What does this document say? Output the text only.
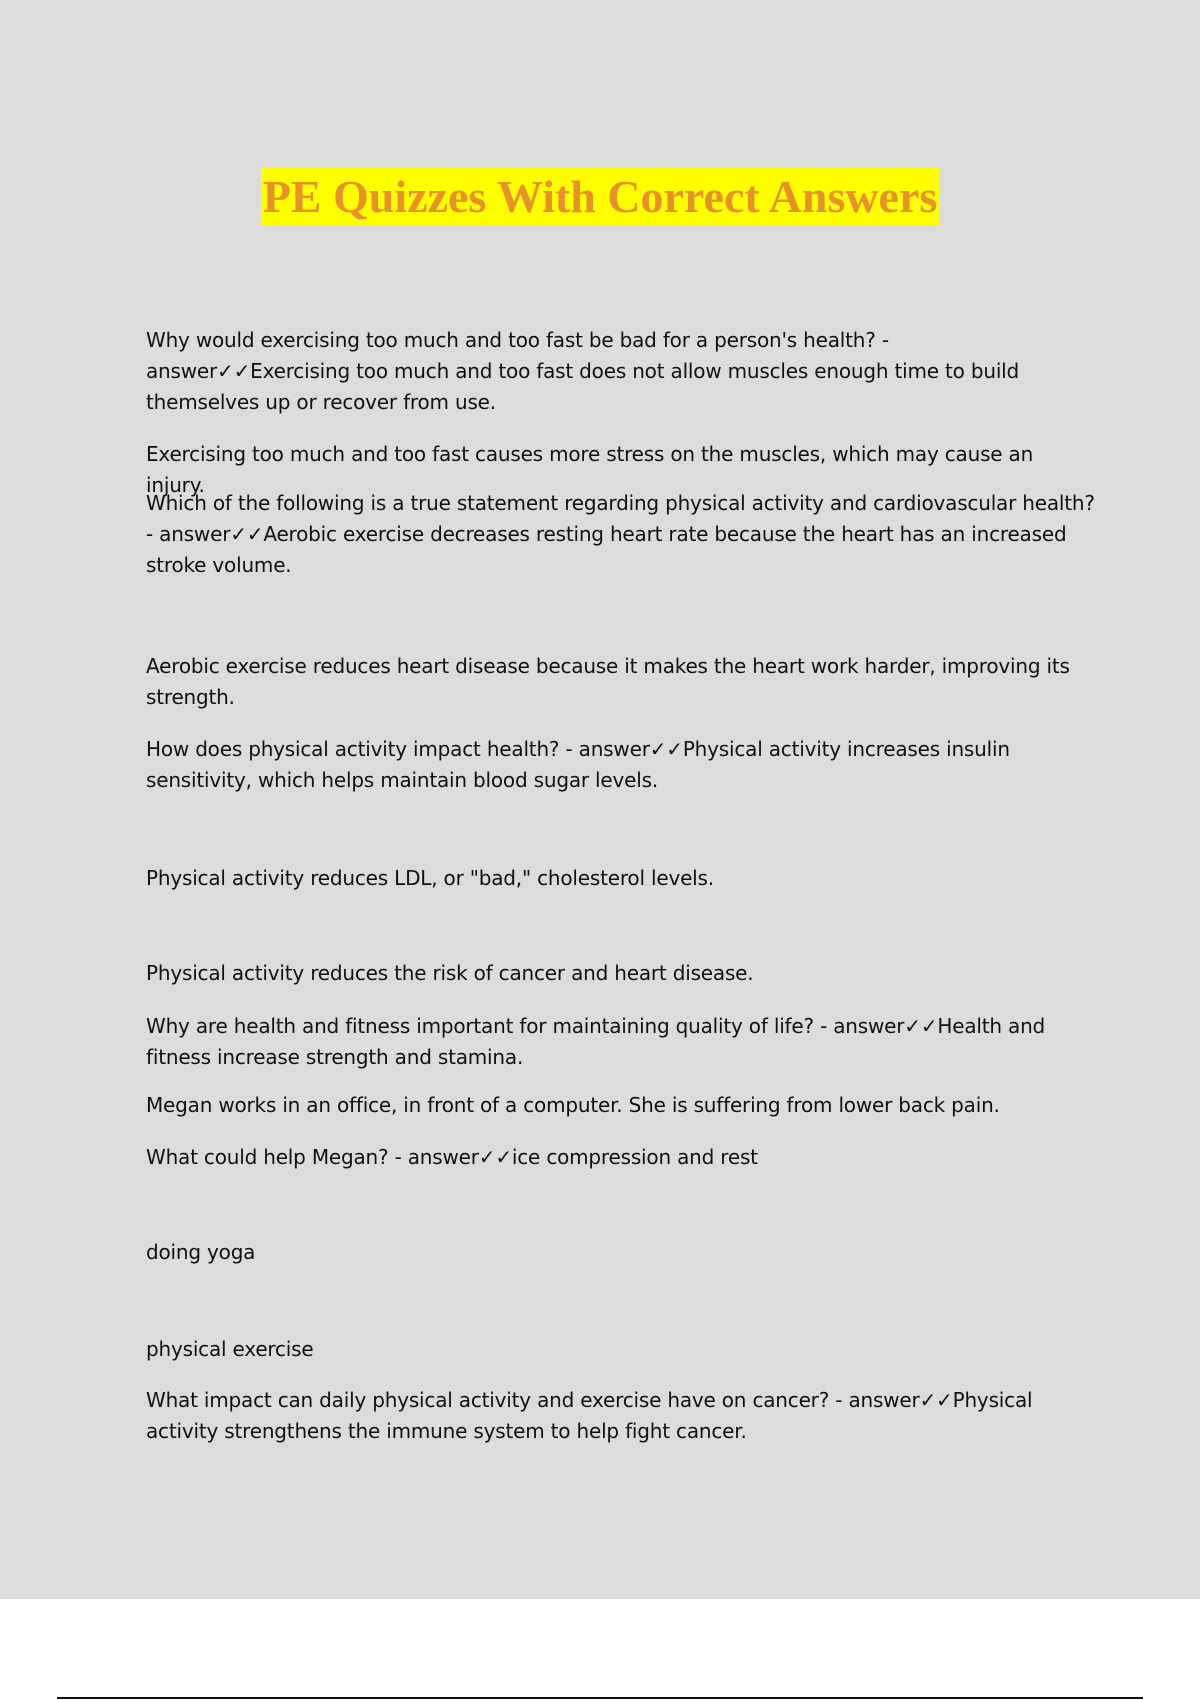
PE Quizzes With Correct Answers

Why would exercising too much and too fast be bad for a person's health? - answer✓✓Exercising too much and too fast does not allow muscles enough time to build themselves up or recover from use.

Exercising too much and too fast causes more stress on the muscles, which may cause an injury.

Which of the following is a true statement regarding physical activity and cardiovascular health? - answer✓✓Aerobic exercise decreases resting heart rate because the heart has an increased stroke volume.

Aerobic exercise reduces heart disease because it makes the heart work harder, improving its strength.

How does physical activity impact health? - answer✓✓Physical activity increases insulin sensitivity, which helps maintain blood sugar levels.

Physical activity reduces LDL, or "bad," cholesterol levels.

Physical activity reduces the risk of cancer and heart disease.

Why are health and fitness important for maintaining quality of life? - answer✓✓Health and fitness increase strength and stamina.

Megan works in an office, in front of a computer. She is suffering from lower back pain.

What could help Megan? - answer✓✓ice compression and rest

doing yoga

physical exercise

What impact can daily physical activity and exercise have on cancer? - answer✓✓Physical activity strengthens the immune system to help fight cancer.
